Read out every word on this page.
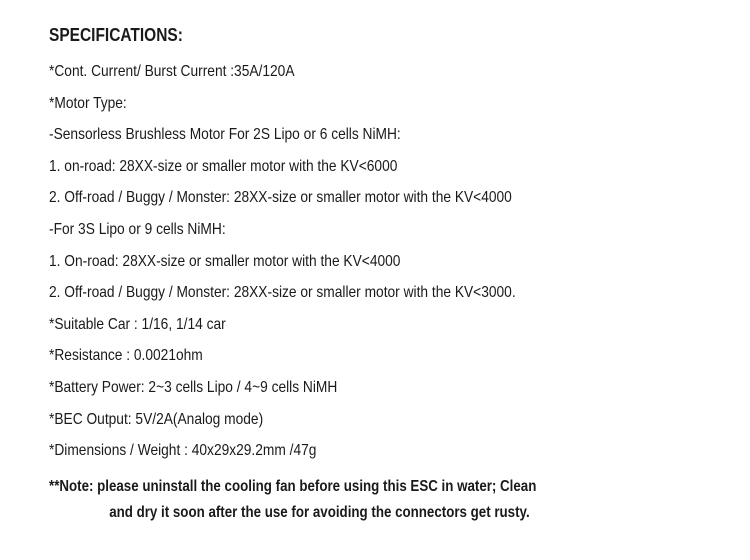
SPECIFICATIONS:
*Cont. Current/ Burst Current :35A/120A
*Motor Type:
-Sensorless Brushless Motor For 2S Lipo or 6 cells NiMH:
1. on-road: 28XX-size or smaller motor with the KV<6000
2. Off-road / Buggy / Monster: 28XX-size or smaller motor with the KV<4000
-For 3S Lipo or 9 cells NiMH:
1. On-road: 28XX-size or smaller motor with the KV<4000
2. Off-road / Buggy / Monster: 28XX-size or smaller motor with the KV<3000.
*Suitable Car : 1/16, 1/14 car
*Resistance : 0.0021ohm
*Battery Power: 2~3 cells Lipo / 4~9 cells NiMH
*BEC Output: 5V/2A(Analog mode)
*Dimensions / Weight : 40x29x29.2mm /47g
**Note: please uninstall the cooling fan before using this ESC in water; Clean
and dry it soon after the use for avoiding the connectors get rusty.
